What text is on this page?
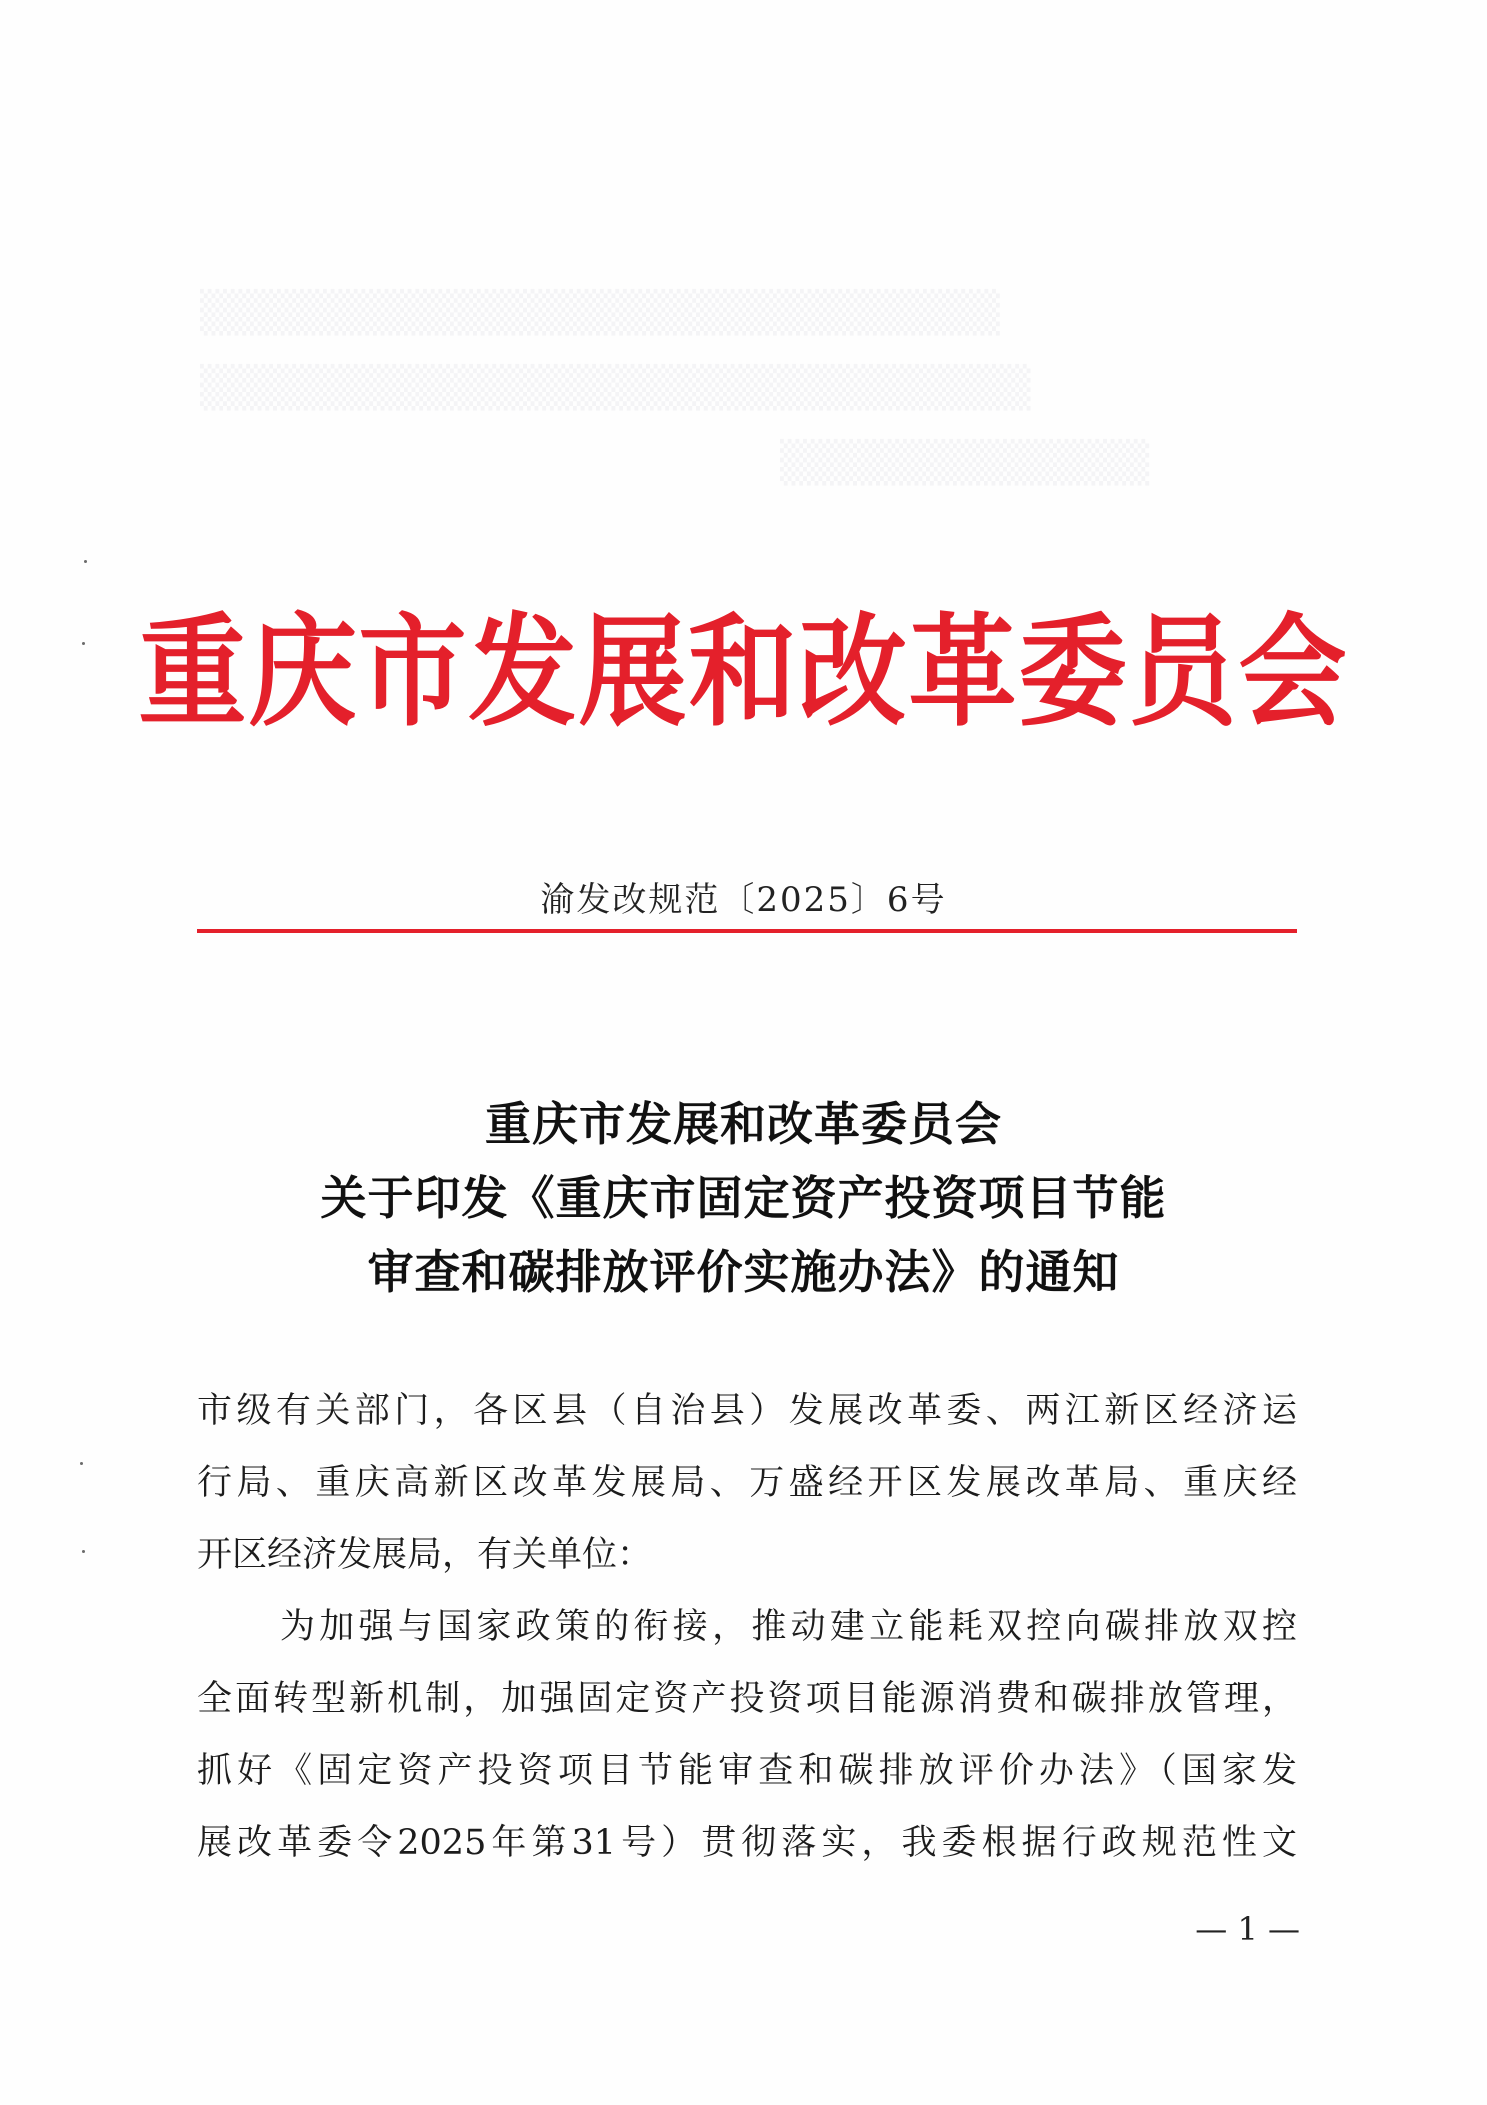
▒▒▒▒▒▒▒▒▒▒▒▒▒▒▒▒▒▒▒▒▒▒▒▒▒▒
▒▒▒▒▒▒▒▒▒▒▒▒▒▒▒▒▒▒▒▒▒▒▒▒▒▒▒
▒▒▒▒▒▒▒▒▒▒▒▒
重庆市发展和改革委员会
渝发改规范〔2025〕6号
重庆市发展和改革委员会
关于印发《重庆市固定资产投资项目节能
审查和碳排放评价实施办法》的通知
市级有关部门，各区县（自治县）发展改革委、两江新区经济运
行局、重庆高新区改革发展局、万盛经开区发展改革局、重庆经
开区经济发展局，有关单位：
为加强与国家政策的衔接，推动建立能耗双控向碳排放双控
全面转型新机制，加强固定资产投资项目能源消费和碳排放管理，
抓好《固定资产投资项目节能审查和碳排放评价办法》（国家发
展改革委令2025年第31号）贯彻落实，我委根据行政规范性文
— 1 —
